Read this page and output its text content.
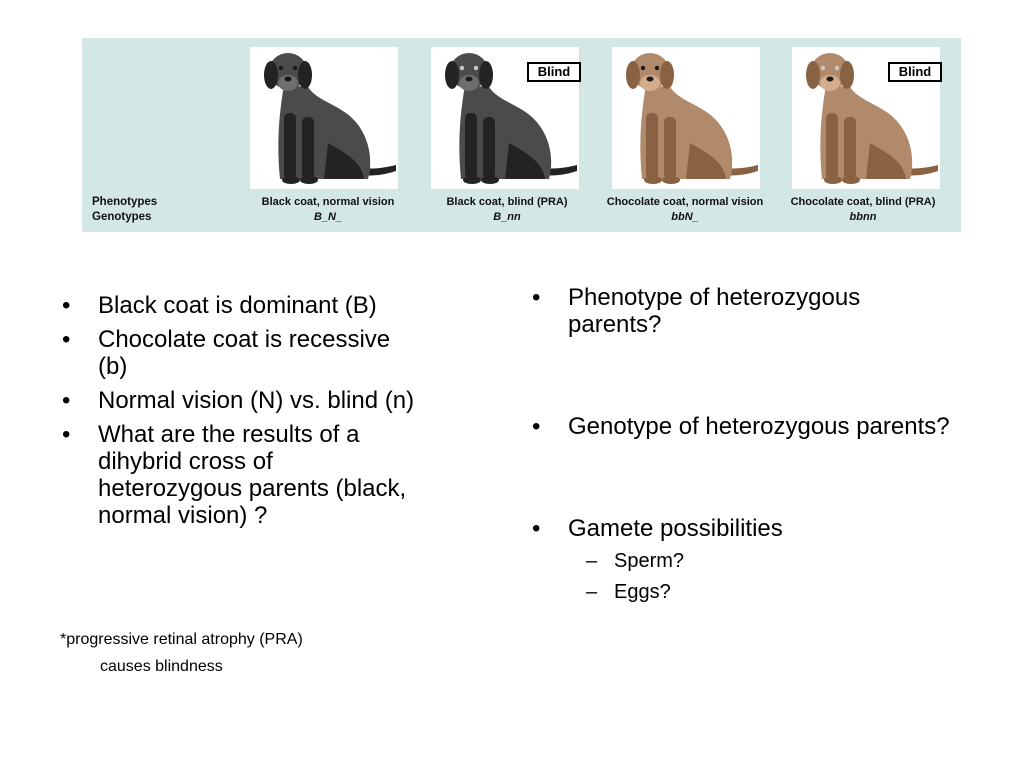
Phenotypes
Genotypes
Blind	Blind
Black coat, normal vision
B_N_
Black coat, blind (PRA)
B_nn
Chocolate coat, normal vision
bbN_
Chocolate coat, blind (PRA)
bbnn
• Black coat is dominant (B)
• Chocolate coat is recessive (b)
• Normal vision (N) vs. blind (n)
• What are the results of a dihybrid cross of heterozygous parents (black, normal vision) ?
*progressive retinal atrophy (PRA)
causes blindness
• Phenotype of heterozygous parents?
• Genotype of heterozygous parents?
• Gamete possibilities
– Sperm?
– Eggs?
